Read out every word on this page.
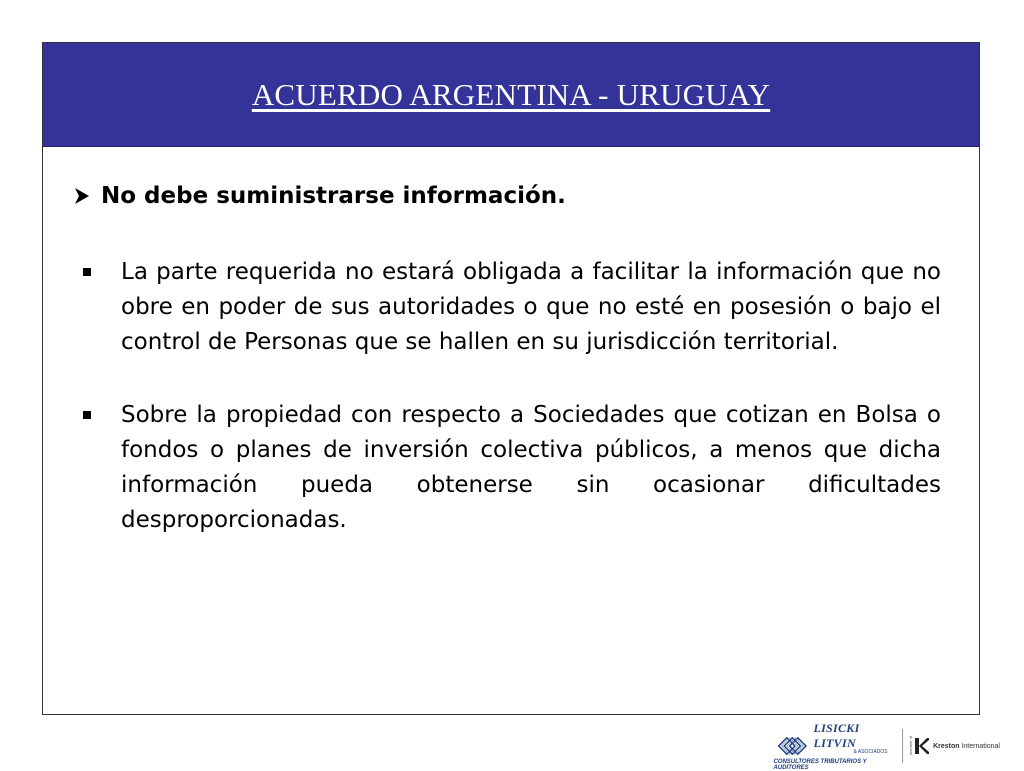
ACUERDO ARGENTINA - URUGUAY
No debe suministrarse información.
La parte requerida no estará obligada a facilitar la información que no obre en poder de sus autoridades o que no esté en posesión o bajo el control de Personas que se hallen en su jurisdicción territorial.
Sobre la propiedad con respecto a Sociedades que cotizan en Bolsa o fondos o planes de inversión colectiva públicos, a menos que dicha información pueda obtenerse sin ocasionar dificultades desproporcionadas.
LISICKI LITVIN
& ASOCIADOS
CONSULTORES TRIBUTARIOS Y AUDITORES
member of	Kreston International
